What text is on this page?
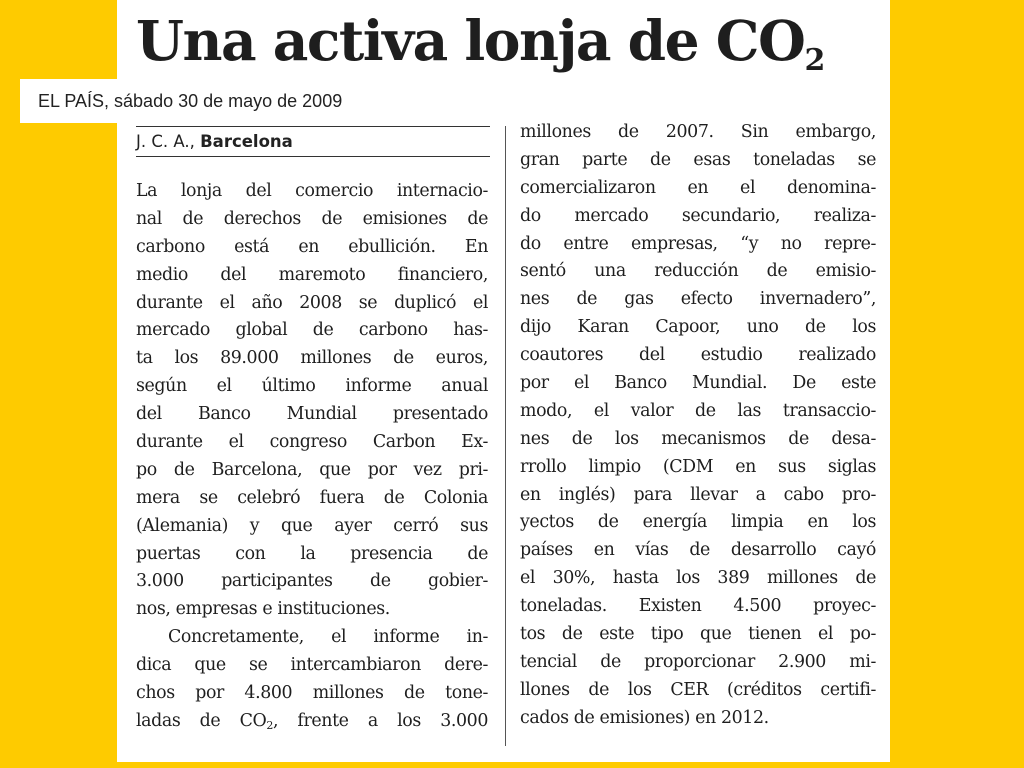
Una activa lonja de $CO_2$
EL PAÍS, sábado 30 de mayo de 2009
J. C. A., Barcelona
La lonja del comercio internacio-
nal de derechos de emisiones de
carbono está en ebullición. En
medio del maremoto financiero,
durante el año 2008 se duplicó el
mercado global de carbono has-
ta los 89.000 millones de euros,
según el último informe anual
del Banco Mundial presentado
durante el congreso Carbon Ex-
po de Barcelona, que por vez pri-
mera se celebró fuera de Colonia
(Alemania) y que ayer cerró sus
puertas con la presencia de
3.000 participantes de gobier-
nos, empresas e instituciones.
Concretamente, el informe in-
dica que se intercambiaron dere-
chos por 4.800 millones de tone-
ladas de $CO_2$, frente a los 3.000
millones de 2007. Sin embargo,
gran parte de esas toneladas se
comercializaron en el denomina-
do mercado secundario, realiza-
do entre empresas, “y no repre-
sentó una reducción de emisio-
nes de gas efecto invernadero”,
dijo Karan Capoor, uno de los
coautores del estudio realizado
por el Banco Mundial. De este
modo, el valor de las transaccio-
nes de los mecanismos de desa-
rrollo limpio (CDM en sus siglas
en inglés) para llevar a cabo pro-
yectos de energía limpia en los
países en vías de desarrollo cayó
el 30%, hasta los 389 millones de
toneladas. Existen 4.500 proyec-
tos de este tipo que tienen el po-
tencial de proporcionar 2.900 mi-
llones de los CER (créditos certifi-
cados de emisiones) en 2012.
